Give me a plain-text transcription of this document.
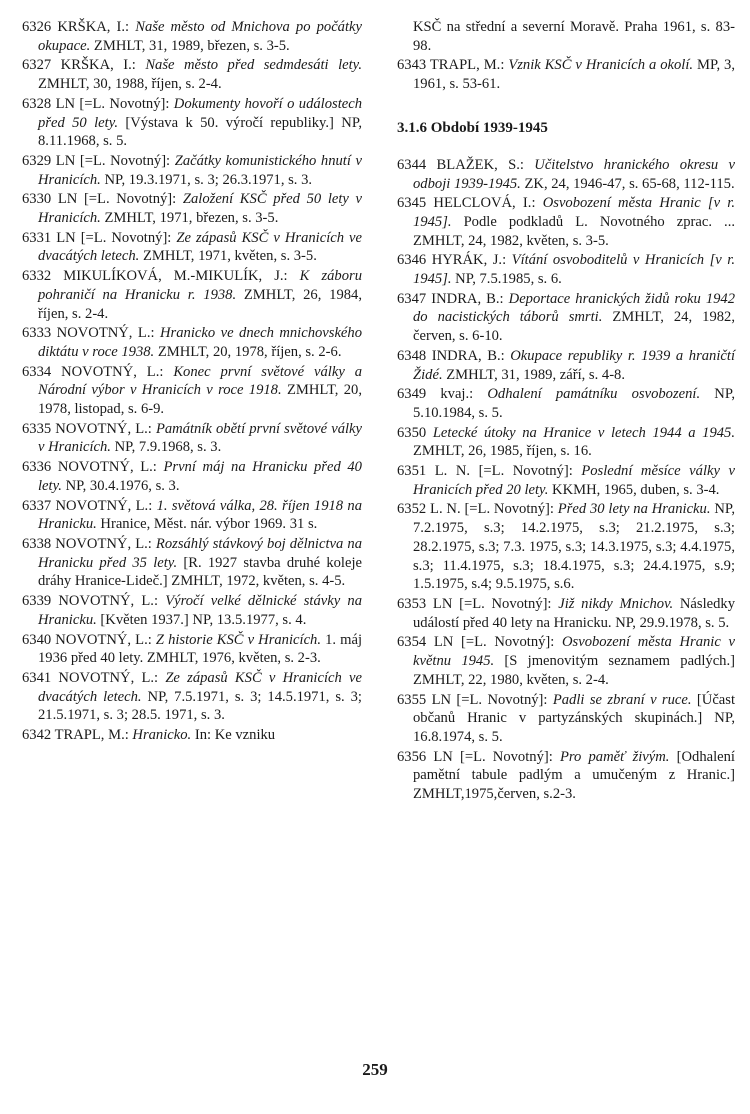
6326 KRŠKA, I.: Naše město od Mnichova po počátky okupace. ZMHLT, 31, 1989, březen, s. 3-5.

6327 KRŠKA, I.: Naše město před sedmdesáti lety. ZMHLT, 30, 1988, říjen, s. 2-4.

6328 LN [=L. Novotný]: Dokumenty hovoří o událostech před 50 lety. [Výstava k 50. výročí republiky.] NP, 8.11.1968, s. 5.

6329 LN [=L. Novotný]: Začátky komunistického hnutí v Hranicích. NP, 19.3.1971, s. 3; 26.3.1971, s. 3.

6330 LN [=L. Novotný]: Založení KSČ před 50 lety v Hranicích. ZMHLT, 1971, březen, s. 3-5.

6331 LN [=L. Novotný]: Ze zápasů KSČ v Hranicích ve dvacátých letech. ZMHLT, 1971, květen, s. 3-5.

6332 MIKULÍKOVÁ, M.-MIKULÍK, J.: K záboru pohraničí na Hranicku r. 1938. ZMHLT, 26, 1984, říjen, s. 2-4.

6333 NOVOTNÝ, L.: Hranicko ve dnech mnichovského diktátu v roce 1938. ZMHLT, 20, 1978, říjen, s. 2-6.

6334 NOVOTNÝ, L.: Konec první světové války a Národní výbor v Hranicích v roce 1918. ZMHLT, 20, 1978, listopad, s. 6-9.

6335 NOVOTNÝ, L.: Památník obětí první světové války v Hranicích. NP, 7.9.1968, s. 3.

6336 NOVOTNÝ, L.: První máj na Hranicku před 40 lety. NP, 30.4.1976, s. 3.

6337 NOVOTNÝ, L.: 1. světová válka, 28. říjen 1918 na Hranicku. Hranice, Měst. nár. výbor 1969. 31 s.

6338 NOVOTNÝ, L.: Rozsáhlý stávkový boj dělnictva na Hranicku před 35 lety. [R. 1927 stavba druhé koleje dráhy Hranice-Lideč.] ZMHLT, 1972, květen, s. 4-5.

6339 NOVOTNÝ, L.: Výročí velké dělnické stávky na Hranicku. [Květen 1937.] NP, 13.5.1977, s. 4.

6340 NOVOTNÝ, L.: Z historie KSČ v Hranicích. 1. máj 1936 před 40 lety. ZMHLT, 1976, květen, s. 2-3.

6341 NOVOTNÝ, L.: Ze zápasů KSČ v Hranicích ve dvacátých letech. NP, 7.5.1971, s. 3; 14.5.1971, s. 3; 21.5.1971, s. 3; 28.5. 1971, s. 3.

6342 TRAPL, M.: Hranicko. In: Ke vzniku

KSČ na střední a severní Moravě. Praha 1961, s. 83-98.

6343 TRAPL, M.: Vznik KSČ v Hranicích a okolí. MP, 3, 1961, s. 53-61.

3.1.6 Období 1939-1945

6344 BLAŽEK, S.: Učitelstvo hranického okresu v odboji 1939-1945. ZK, 24, 1946-47, s. 65-68, 112-115.

6345 HELCLOVÁ, I.: Osvobození města Hranic [v r. 1945]. Podle podkladů L. Novotného zprac. ... ZMHLT, 24, 1982, květen, s. 3-5.

6346 HYRÁK, J.: Vítání osvoboditelů v Hranicích [v r. 1945]. NP, 7.5.1985, s. 6.

6347 INDRA, B.: Deportace hranických židů roku 1942 do nacistických táborů smrti. ZMHLT, 24, 1982, červen, s. 6-10.

6348 INDRA, B.: Okupace republiky r. 1939 a hraničtí Židé. ZMHLT, 31, 1989, září, s. 4-8.

6349 kvaj.: Odhalení památníku osvobození. NP, 5.10.1984, s. 5.

6350 Letecké útoky na Hranice v letech 1944 a 1945. ZMHLT, 26, 1985, říjen, s. 16.

6351 L. N. [=L. Novotný]: Poslední měsíce války v Hranicích před 20 lety. KKMH, 1965, duben, s. 3-4.

6352 L. N. [=L. Novotný]: Před 30 lety na Hranicku. NP, 7.2.1975, s.3; 14.2.1975, s.3; 21.2.1975, s.3; 28.2.1975, s.3; 7.3. 1975, s.3; 14.3.1975, s.3; 4.4.1975, s.3; 11.4.1975, s.3; 18.4.1975, s.3; 24.4.1975, s.9; 1.5.1975, s.4; 9.5.1975, s.6.

6353 LN [=L. Novotný]: Již nikdy Mnichov. Následky událostí před 40 lety na Hranicku. NP, 29.9.1978, s. 5.

6354 LN [=L. Novotný]: Osvobození města Hranic v květnu 1945. [S jmenovitým seznamem padlých.] ZMHLT, 22, 1980, květen, s. 2-4.

6355 LN [=L. Novotný]: Padli se zbraní v ruce. [Účast občanů Hranic v partyzánských skupinách.] NP, 16.8.1974, s. 5.

6356 LN [=L. Novotný]: Pro paměť živým. [Odhalení pamětní tabule padlým a umučeným z Hranic.] ZMHLT,1975,červen, s.2-3.

259
